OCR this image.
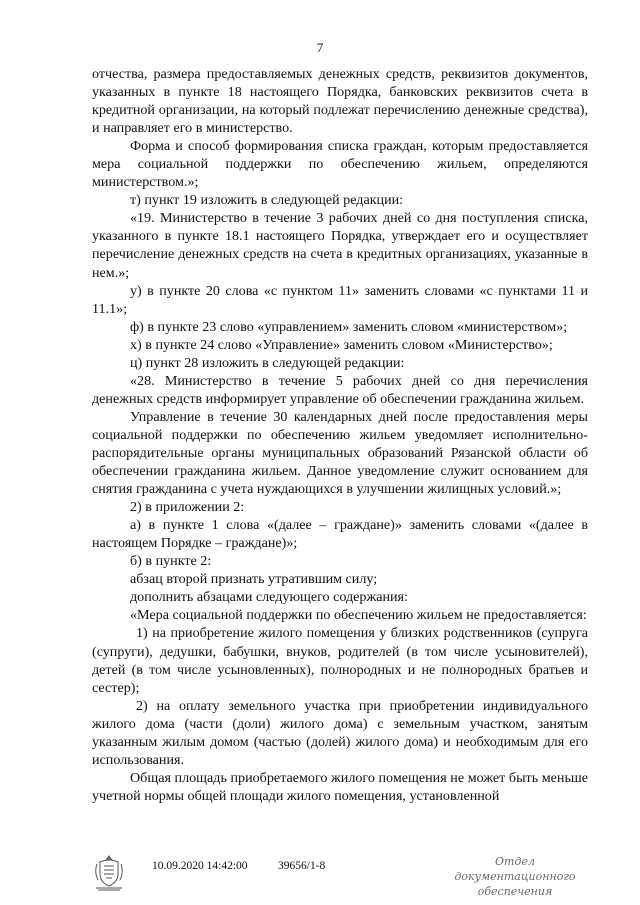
7

отчества, размера предоставляемых денежных средств, реквизитов документов, указанных в пункте 18 настоящего Порядка, банковских реквизитов счета в кредитной организации, на который подлежат перечислению денежные средства), и направляет его в министерство.

Форма и способ формирования списка граждан, которым предоставляется мера социальной поддержки по обеспечению жильем, определяются министерством.»;

т) пункт 19 изложить в следующей редакции:

«19. Министерство в течение 3 рабочих дней со дня поступления списка, указанного в пункте 18.1 настоящего Порядка, утверждает его и осуществляет перечисление денежных средств на счета в кредитных организациях, указанные в нем.»;

у) в пункте 20 слова «с пунктом 11» заменить словами «с пунктами 11 и 11.1»;

ф) в пункте 23 слово «управлением» заменить словом «министерством»;

х) в пункте 24 слово «Управление» заменить словом «Министерство»;

ц) пункт 28 изложить в следующей редакции:

«28. Министерство в течение 5 рабочих дней со дня перечисления денежных средств информирует управление об обеспечении гражданина жильем.

Управление в течение 30 календарных дней после предоставления меры социальной поддержки по обеспечению жильем уведомляет исполнительно-распорядительные органы муниципальных образований Рязанской области об обеспечении гражданина жильем. Данное уведомление служит основанием для снятия гражданина с учета нуждающихся в улучшении жилищных условий.»;

2) в приложении 2:

а) в пункте 1 слова «(далее – граждане)» заменить словами «(далее в настоящем Порядке – граждане)»;

б) в пункте 2:

абзац второй признать утратившим силу;

дополнить абзацами следующего содержания:

«Мера социальной поддержки по обеспечению жильем не предоставляется:

1) на приобретение жилого помещения у близких родственников (супруга (супруги), дедушки, бабушки, внуков, родителей (в том числе усыновителей), детей (в том числе усыновленных), полнородных и не полнородных братьев и сестер);

2) на оплату земельного участка при приобретении индивидуального жилого дома (части (доли) жилого дома) с земельным участком, занятым указанным жилым домом (частью (долей) жилого дома) и необходимым для его использования.

Общая площадь приобретаемого жилого помещения не может быть меньше учетной нормы общей площади жилого помещения, установленной

10.09.2020 14:42:00	39656/1-8	Отдел документационного
обеспечения
